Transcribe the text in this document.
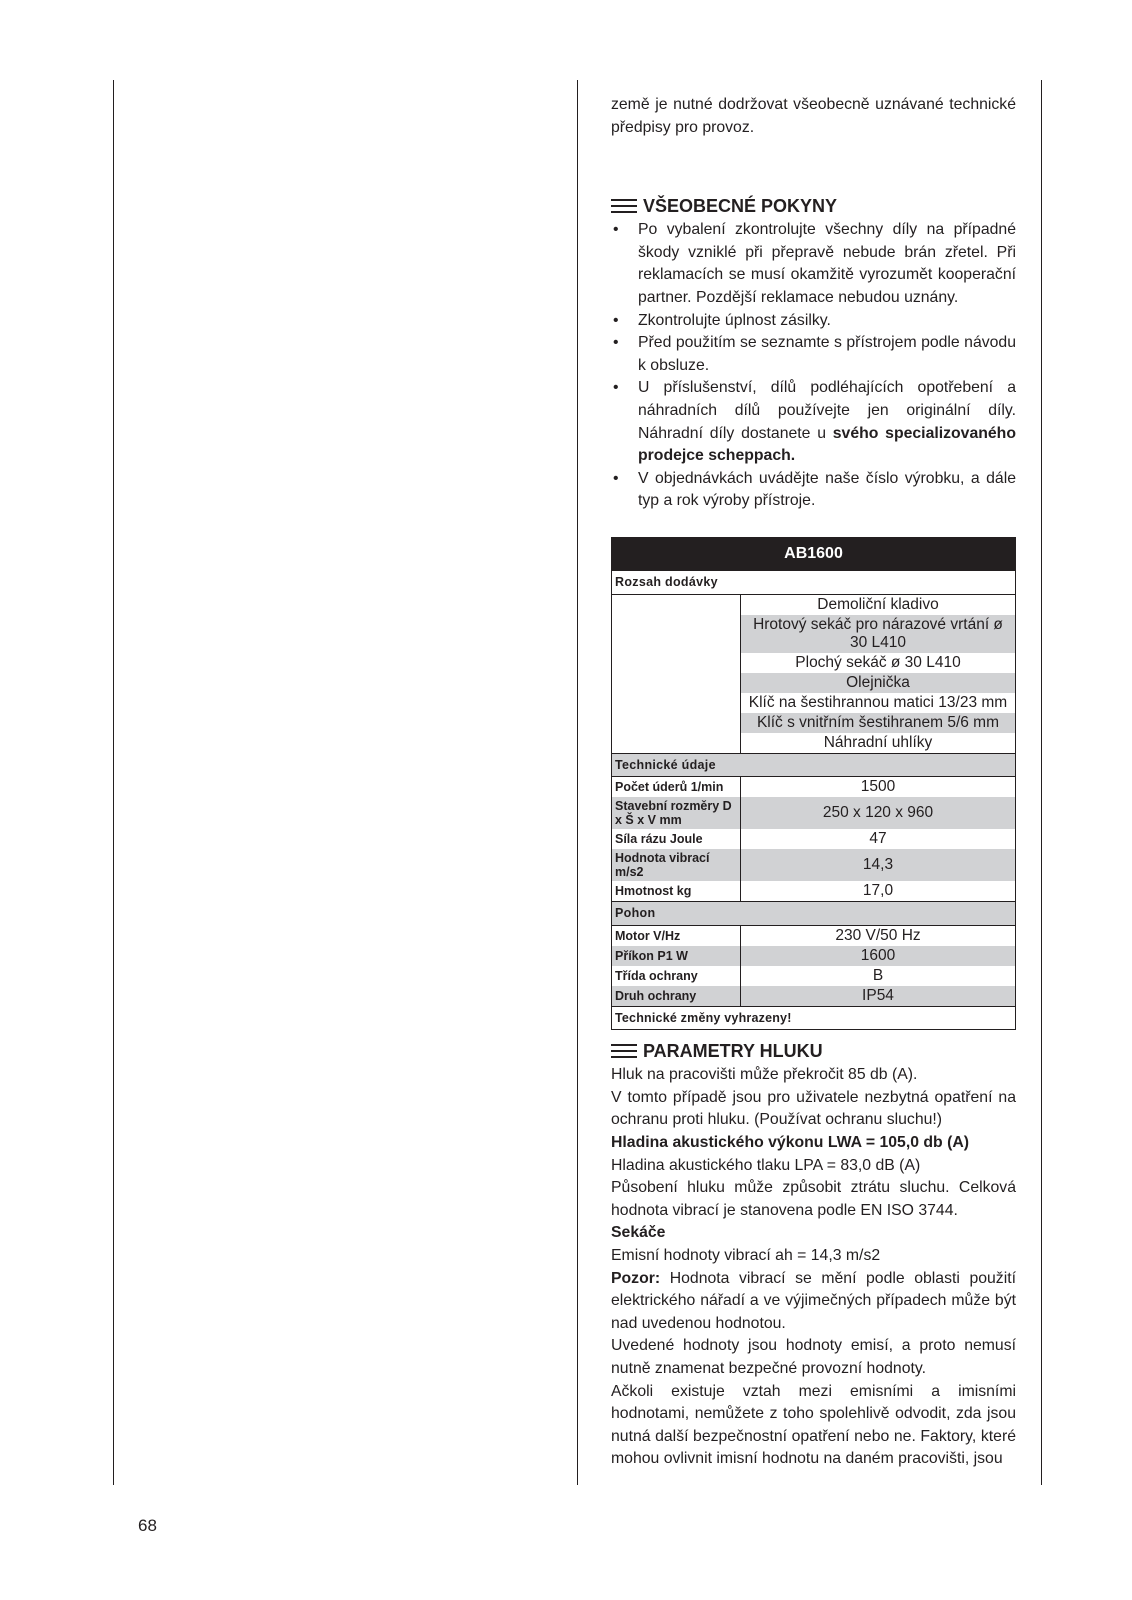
země je nutné dodržovat všeobecně uznávané technické předpisy pro provoz.

VŠEOBECNÉ POKYNY
• Po vybalení zkontrolujte všechny díly na případné škody vzniklé při přepravě nebude brán zřetel. Při reklamacích se musí okamžitě vyrozumět kooperační partner. Pozdější reklamace nebudou uznány.
• Zkontrolujte úplnost zásilky.
• Před použitím se seznamte s přístrojem podle návodu k obsluze.
• U příslušenství, dílů podléhajících opotřebení a náhradních dílů používejte jen originální díly. Náhradní díly dostanete u svého specializovaného prodejce scheppach.
• V objednávkách uvádějte naše číslo výrobku, a dále typ a rok výroby přístroje.
AB1600	
Rozsah dodávky	
	Demoliční kladivo
	Hrotový sekáč pro nárazové vrtání ø 30 L410
	Plochý sekáč ø 30 L410
	Olejnička
	Klíč na šestihrannou matici 13/23 mm
	Klíč s vnitřním šestihranem 5/6 mm
	Náhradní uhlíky
Technické údaje	
Počet úderů 1/min	1500
Stavební rozměry D x Š x V mm	250 x 120 x 960
Síla rázu Joule	47
Hodnota vibrací m/s2	14,3
Hmotnost kg	17,0
Pohon	
Motor V/Hz	230 V/50 Hz
Příkon P1 W	1600
Třída ochrany	B
Druh ochrany	IP54
Technické změny vyhrazeny!	
PARAMETRY HLUKU

Hluk na pracovišti může překročit 85 db (A).

V tomto případě jsou pro uživatele nezbytná opatření na ochranu proti hluku. (Používat ochranu sluchu!)

Hladina akustického výkonu LWA = 105,0 db (A)

Hladina akustického tlaku LPA = 83,0 dB (A)

Působení hluku může způsobit ztrátu sluchu. Celková hodnota vibrací je stanovena podle EN ISO 3744.

Sekáče

Emisní hodnoty vibrací ah = 14,3 m/s2

Pozor: Hodnota vibrací se mění podle oblasti použití elektrického nářadí a ve výjimečných případech může být nad uvedenou hodnotou.

Uvedené hodnoty jsou hodnoty emisí, a proto nemusí nutně znamenat bezpečné provozní hodnoty.

Ačkoli existuje vztah mezi emisními a imisními hodnotami, nemůžete z toho spolehlivě odvodit, zda jsou nutná další bezpečnostní opatření nebo ne. Faktory, které mohou ovlivnit imisní hodnotu na daném pracovišti, jsou

68
